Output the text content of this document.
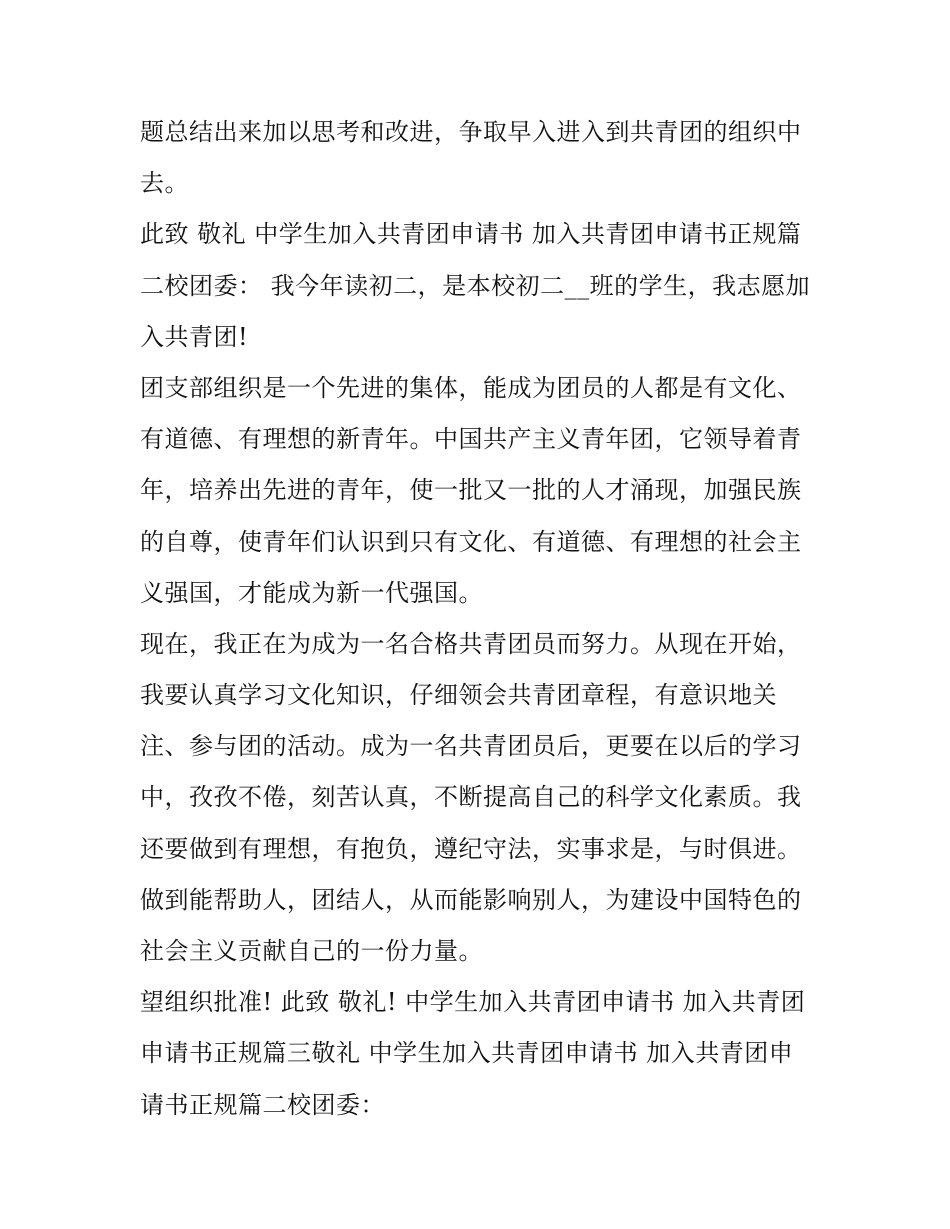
题总结出来加以思考和改进，争取早入进入到共青团的组织中
去。
此致 敬礼 中学生加入共青团申请书 加入共青团申请书正规篇
二校团委： 我今年读初二，是本校初二__班的学生，我志愿加
入共青团!
团支部组织是一个先进的集体，能成为团员的人都是有文化、
有道德、有理想的新青年。中国共产主义青年团，它领导着青
年，培养出先进的青年，使一批又一批的人才涌现，加强民族
的自尊，使青年们认识到只有文化、有道德、有理想的社会主
义强国，才能成为新一代强国。
现在，我正在为成为一名合格共青团员而努力。从现在开始，
我要认真学习文化知识，仔细领会共青团章程，有意识地关
注、参与团的活动。成为一名共青团员后，更要在以后的学习
中，孜孜不倦，刻苦认真，不断提高自己的科学文化素质。我
还要做到有理想，有抱负，遵纪守法，实事求是，与时俱进。
做到能帮助人，团结人，从而能影响别人，为建设中国特色的
社会主义贡献自己的一份力量。
望组织批准! 此致 敬礼! 中学生加入共青团申请书 加入共青团
申请书正规篇三敬礼 中学生加入共青团申请书 加入共青团申
请书正规篇二校团委：
